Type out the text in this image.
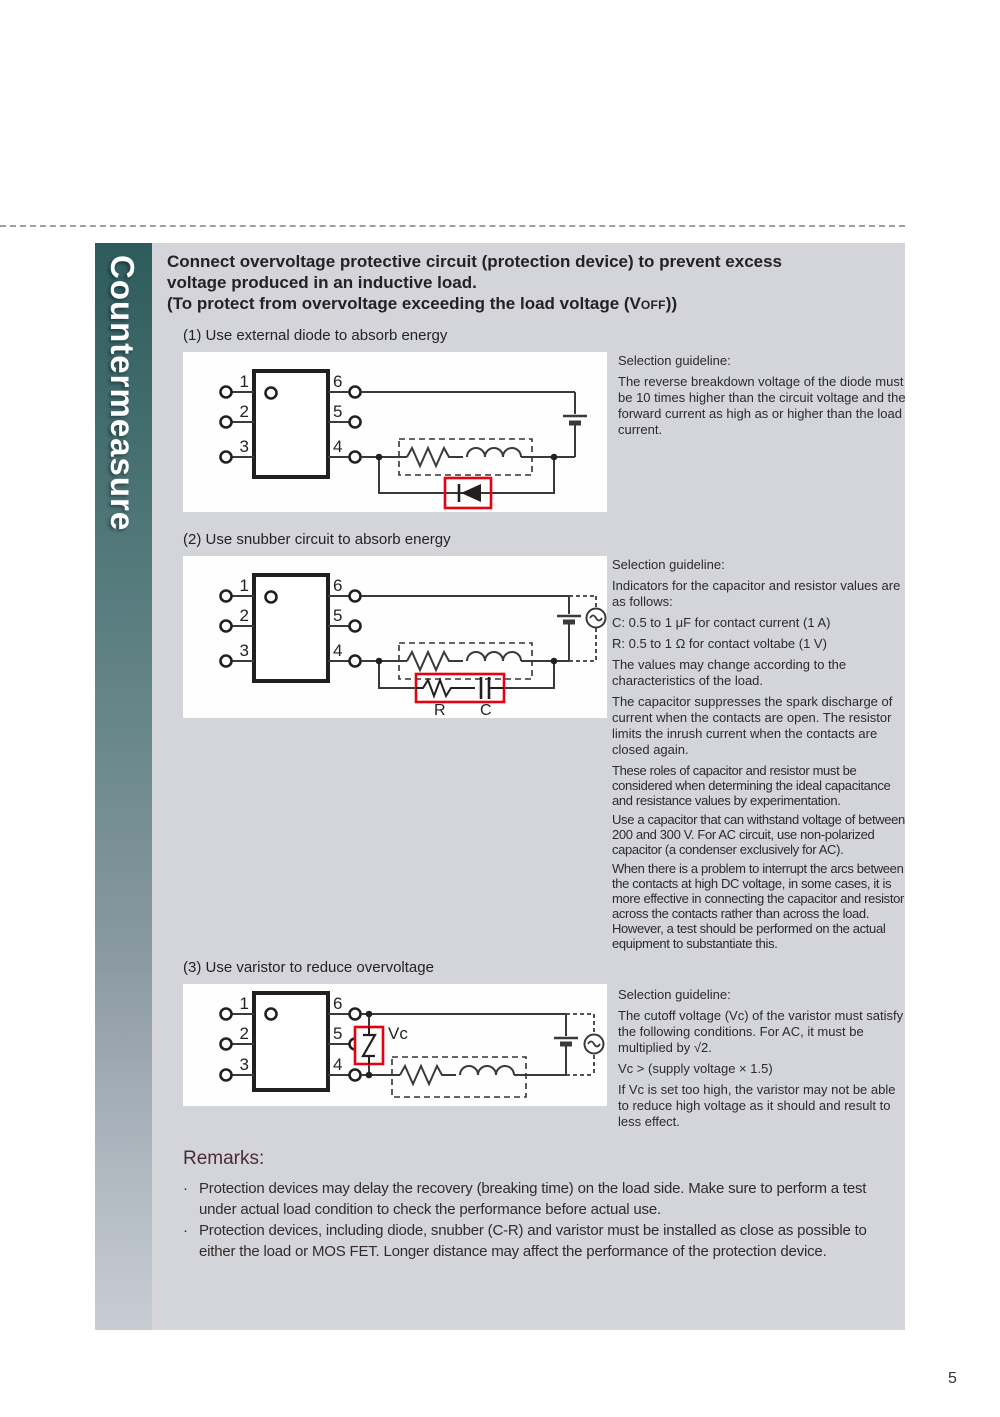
Countermeasure Connect overvoltage protective circuit (protection device) to prevent excess
voltage produced in an inductive load.
(To protect from overvoltage exceeding the load voltage (VOFF))
(1) Use external diode to absorb energy
1
2
3
6
5
4
Selection guideline:

The reverse breakdown voltage of the diode must be 10 times higher than the circuit voltage and the forward current as high as or higher than the load current.

(2) Use snubber circuit to absorb energy
1
2
3
6
5
4
R C
Selection guideline:

Indicators for the capacitor and resistor values are as follows:

C: 0.5 to 1 μF for contact current (1 A)

R: 0.5 to 1 Ω for contact voltabe (1 V)

The values may change according to the characteristics of the load.

The capacitor suppresses the spark discharge of current when the contacts are open. The resistor limits the inrush current when the contacts are closed again.

These roles of capacitor and resistor must be considered when determining the ideal capacitance and resistance values by experimentation.

Use a capacitor that can withstand voltage of between 200 and 300 V. For AC circuit, use non-polarized capacitor (a condenser exclusively for AC).

When there is a problem to interrupt the arcs between the contacts at high DC voltage, in some cases, it is more effective in connecting the capacitor and resistor across the contacts rather than across the load. However, a test should be performed on the actual equipment to substantiate this.

(3) Use varistor to reduce overvoltage
1
2
3
6
5
4
Vc
Selection guideline:

The cutoff voltage (Vc) of the varistor must satisfy the following conditions. For AC, it must be multiplied by √2.

Vc > (supply voltage × 1.5)

If Vc is set too high, the varistor may not be able to reduce high voltage as it should and result to less effect.

Remarks:
· Protection devices may delay the recovery (breaking time) on the load side. Make sure to perform a test under actual load condition to check the performance before actual use.
· Protection devices, including diode, snubber (C-R) and varistor must be installed as close as possible to either the load or MOS FET. Longer distance may affect the performance of the protection device.
5
